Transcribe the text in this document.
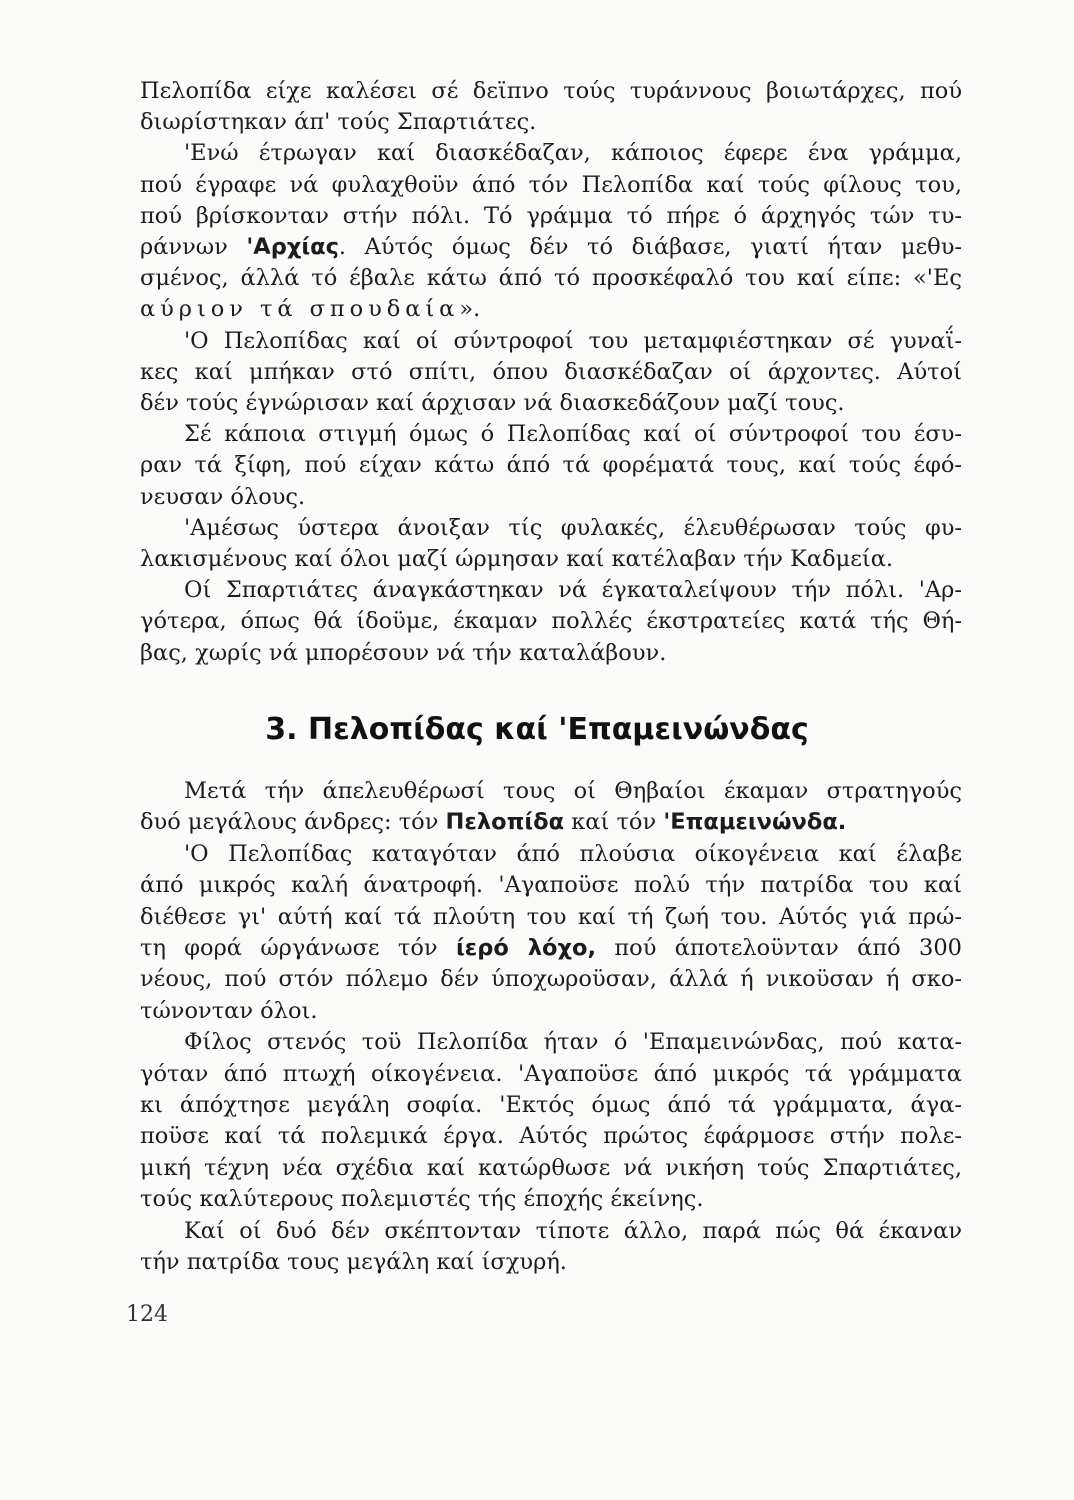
Πελοπίδα είχε καλέσει σέ δεϊπνο τούς τυράννους βοιωτάρχες, πού
διωρίστηκαν άπ' τούς Σπαρτιάτες.
'Ενώ έτρωγαν καί διασκέδαζαν, κάποιος έφερε ένα γράμμα,
πού έγραφε νά φυλαχθοϋν άπό τόν Πελοπίδα καί τούς φίλους του,
πού βρίσκονταν στήν πόλι. Τό γράμμα τό πήρε ό άρχηγός τών τυ-
ράννων 'Αρχίας. Αύτός όμως δέν τό διάβασε, γιατί ήταν μεθυ-
σμένος, άλλά τό έβαλε κάτω άπό τό προσκέφαλό του καί είπε: «'Ες
αύριον τά σπουδαία».
'Ο Πελοπίδας καί οί σύντροφοί του μεταμφιέστηκαν σέ γυναΐ-
κες καί μπήκαν στό σπίτι, όπου διασκέδαζαν οί άρχοντες. Αύτοί
δέν τούς έγνώρισαν καί άρχισαν νά διασκεδάζουν μαζί τους.
Σέ κάποια στιγμή όμως ό Πελοπίδας καί οί σύντροφοί του έσυ-
ραν τά ξίφη, πού είχαν κάτω άπό τά φορέματά τους, καί τούς έφό-
νευσαν όλους.
'Αμέσως ύστερα άνοιξαν τίς φυλακές, έλευθέρωσαν τούς φυ-
λακισμένους καί όλοι μαζί ώρμησαν καί κατέλαβαν τήν Καδμεία.
Οί Σπαρτιάτες άναγκάστηκαν νά έγκαταλείψουν τήν πόλι. 'Αρ-
γότερα, όπως θά ίδοϋμε, έκαμαν πολλές έκστρατείες κατά τής Θή-
βας, χωρίς νά μπορέσουν νά τήν καταλάβουν.
3. Πελοπίδας καί 'Επαμεινώνδας
Μετά τήν άπελευθέρωσί τους οί Θηβαίοι έκαμαν στρατηγούς
δυό μεγάλους άνδρες: τόν Πελοπίδα καί τόν 'Επαμεινώνδα.
'Ο Πελοπίδας καταγόταν άπό πλούσια οίκογένεια καί έλαβε
άπό μικρός καλή άνατροφή. 'Αγαποϋσε πολύ τήν πατρίδα του καί
διέθεσε γι' αύτή καί τά πλούτη του καί τή ζωή του. Αύτός γιά πρώ-
τη φορά ώργάνωσε τόν ίερό λόχο, πού άποτελοϋνταν άπό 300
νέους, πού στόν πόλεμο δέν ύποχωροϋσαν, άλλά ή νικοϋσαν ή σκο-
τώνονταν όλοι.
Φίλος στενός τοϋ Πελοπίδα ήταν ό 'Επαμεινώνδας, πού κατα-
γόταν άπό πτωχή οίκογένεια. 'Αγαποϋσε άπό μικρός τά γράμματα
κι άπόχτησε μεγάλη σοφία. 'Εκτός όμως άπό τά γράμματα, άγα-
ποϋσε καί τά πολεμικά έργα. Αύτός πρώτος έφάρμοσε στήν πολε-
μική τέχνη νέα σχέδια καί κατώρθωσε νά νικήση τούς Σπαρτιάτες,
τούς καλύτερους πολεμιστές τής έποχής έκείνης.
Καί οί δυό δέν σκέπτονταν τίποτε άλλο, παρά πώς θά έκαναν
τήν πατρίδα τους μεγάλη καί ίσχυρή.
124
